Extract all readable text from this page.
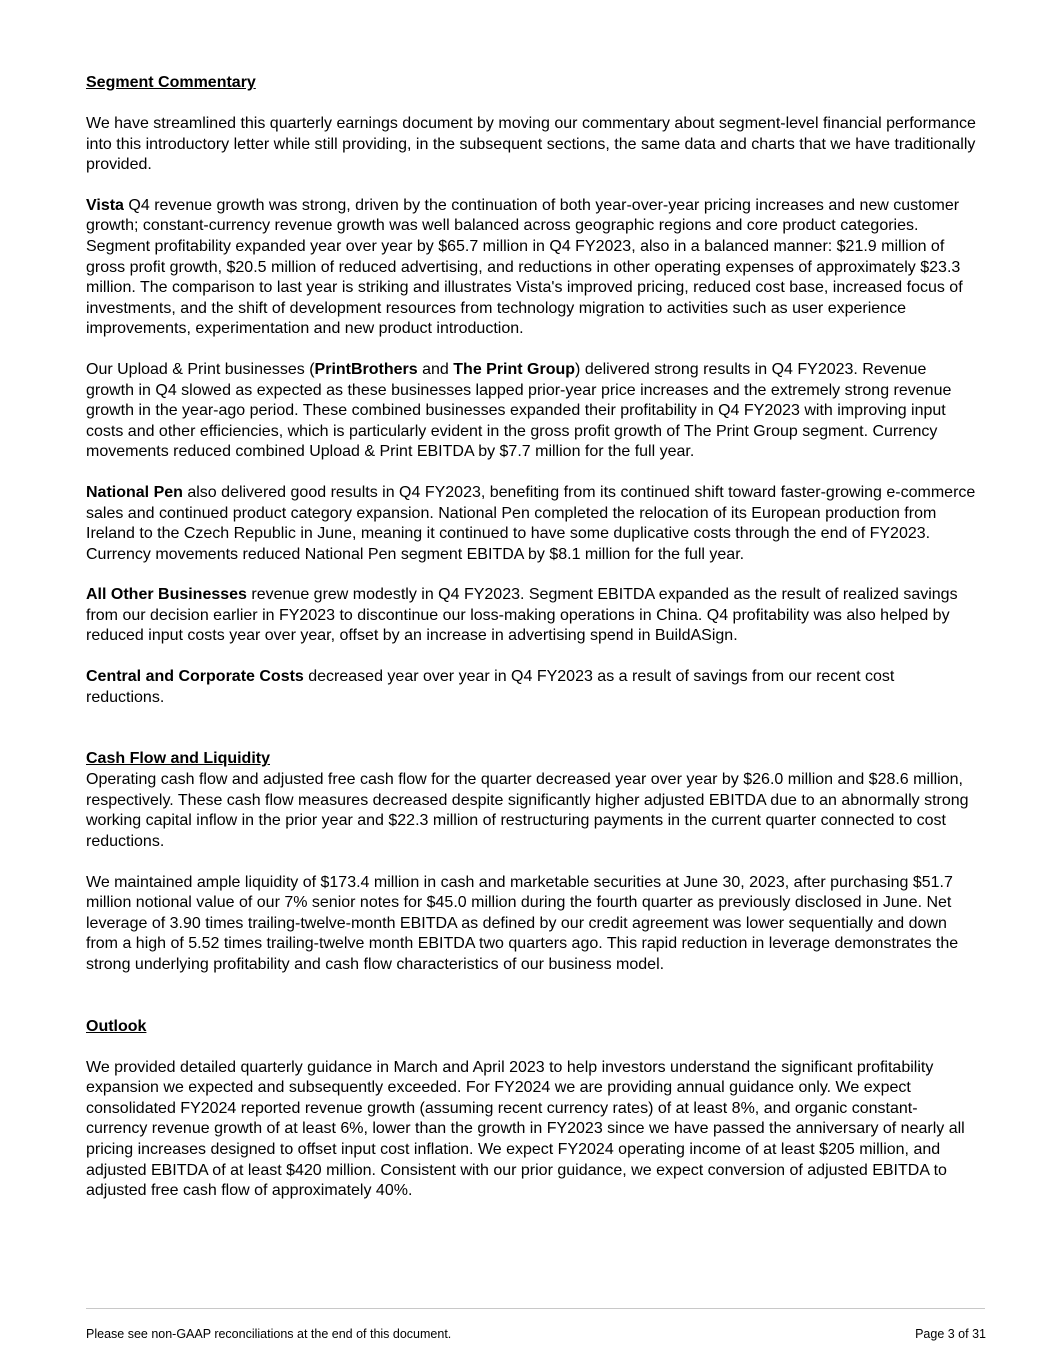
Segment Commentary

We have streamlined this quarterly earnings document by moving our commentary about segment-level financial performance into this introductory letter while still providing, in the subsequent sections, the same data and charts that we have traditionally provided.

Vista Q4 revenue growth was strong, driven by the continuation of both year-over-year pricing increases and new customer growth; constant-currency revenue growth was well balanced across geographic regions and core product categories. Segment profitability expanded year over year by $65.7 million in Q4 FY2023, also in a balanced manner: $21.9 million of gross profit growth, $20.5 million of reduced advertising, and reductions in other operating expenses of approximately $23.3 million. The comparison to last year is striking and illustrates Vista's improved pricing, reduced cost base, increased focus of investments, and the shift of development resources from technology migration to activities such as user experience improvements, experimentation and new product introduction.

Our Upload & Print businesses (PrintBrothers and The Print Group) delivered strong results in Q4 FY2023. Revenue growth in Q4 slowed as expected as these businesses lapped prior-year price increases and the extremely strong revenue growth in the year-ago period. These combined businesses expanded their profitability in Q4 FY2023 with improving input costs and other efficiencies, which is particularly evident in the gross profit growth of The Print Group segment. Currency movements reduced combined Upload & Print EBITDA by $7.7 million for the full year.

National Pen also delivered good results in Q4 FY2023, benefiting from its continued shift toward faster-growing e-commerce sales and continued product category expansion. National Pen completed the relocation of its European production from Ireland to the Czech Republic in June, meaning it continued to have some duplicative costs through the end of FY2023. Currency movements reduced National Pen segment EBITDA by $8.1 million for the full year.

All Other Businesses revenue grew modestly in Q4 FY2023. Segment EBITDA expanded as the result of realized savings from our decision earlier in FY2023 to discontinue our loss-making operations in China. Q4 profitability was also helped by reduced input costs year over year, offset by an increase in advertising spend in BuildASign.

Central and Corporate Costs decreased year over year in Q4 FY2023 as a result of savings from our recent cost reductions.

Cash Flow and Liquidity

Operating cash flow and adjusted free cash flow for the quarter decreased year over year by $26.0 million and $28.6 million, respectively. These cash flow measures decreased despite significantly higher adjusted EBITDA due to an abnormally strong working capital inflow in the prior year and $22.3 million of restructuring payments in the current quarter connected to cost reductions.

We maintained ample liquidity of $173.4 million in cash and marketable securities at June 30, 2023, after purchasing $51.7 million notional value of our 7% senior notes for $45.0 million during the fourth quarter as previously disclosed in June. Net leverage of 3.90 times trailing-twelve-month EBITDA as defined by our credit agreement was lower sequentially and down from a high of 5.52 times trailing-twelve month EBITDA two quarters ago. This rapid reduction in leverage demonstrates the strong underlying profitability and cash flow characteristics of our business model.

Outlook

We provided detailed quarterly guidance in March and April 2023 to help investors understand the significant profitability expansion we expected and subsequently exceeded. For FY2024 we are providing annual guidance only. We expect consolidated FY2024 reported revenue growth (assuming recent currency rates) of at least 8%, and organic constant-currency revenue growth of at least 6%, lower than the growth in FY2023 since we have passed the anniversary of nearly all pricing increases designed to offset input cost inflation. We expect FY2024 operating income of at least $205 million, and adjusted EBITDA of at least $420 million. Consistent with our prior guidance, we expect conversion of adjusted EBITDA to adjusted free cash flow of approximately 40%.

Please see non-GAAP reconciliations at the end of this document.	Page 3 of 31
